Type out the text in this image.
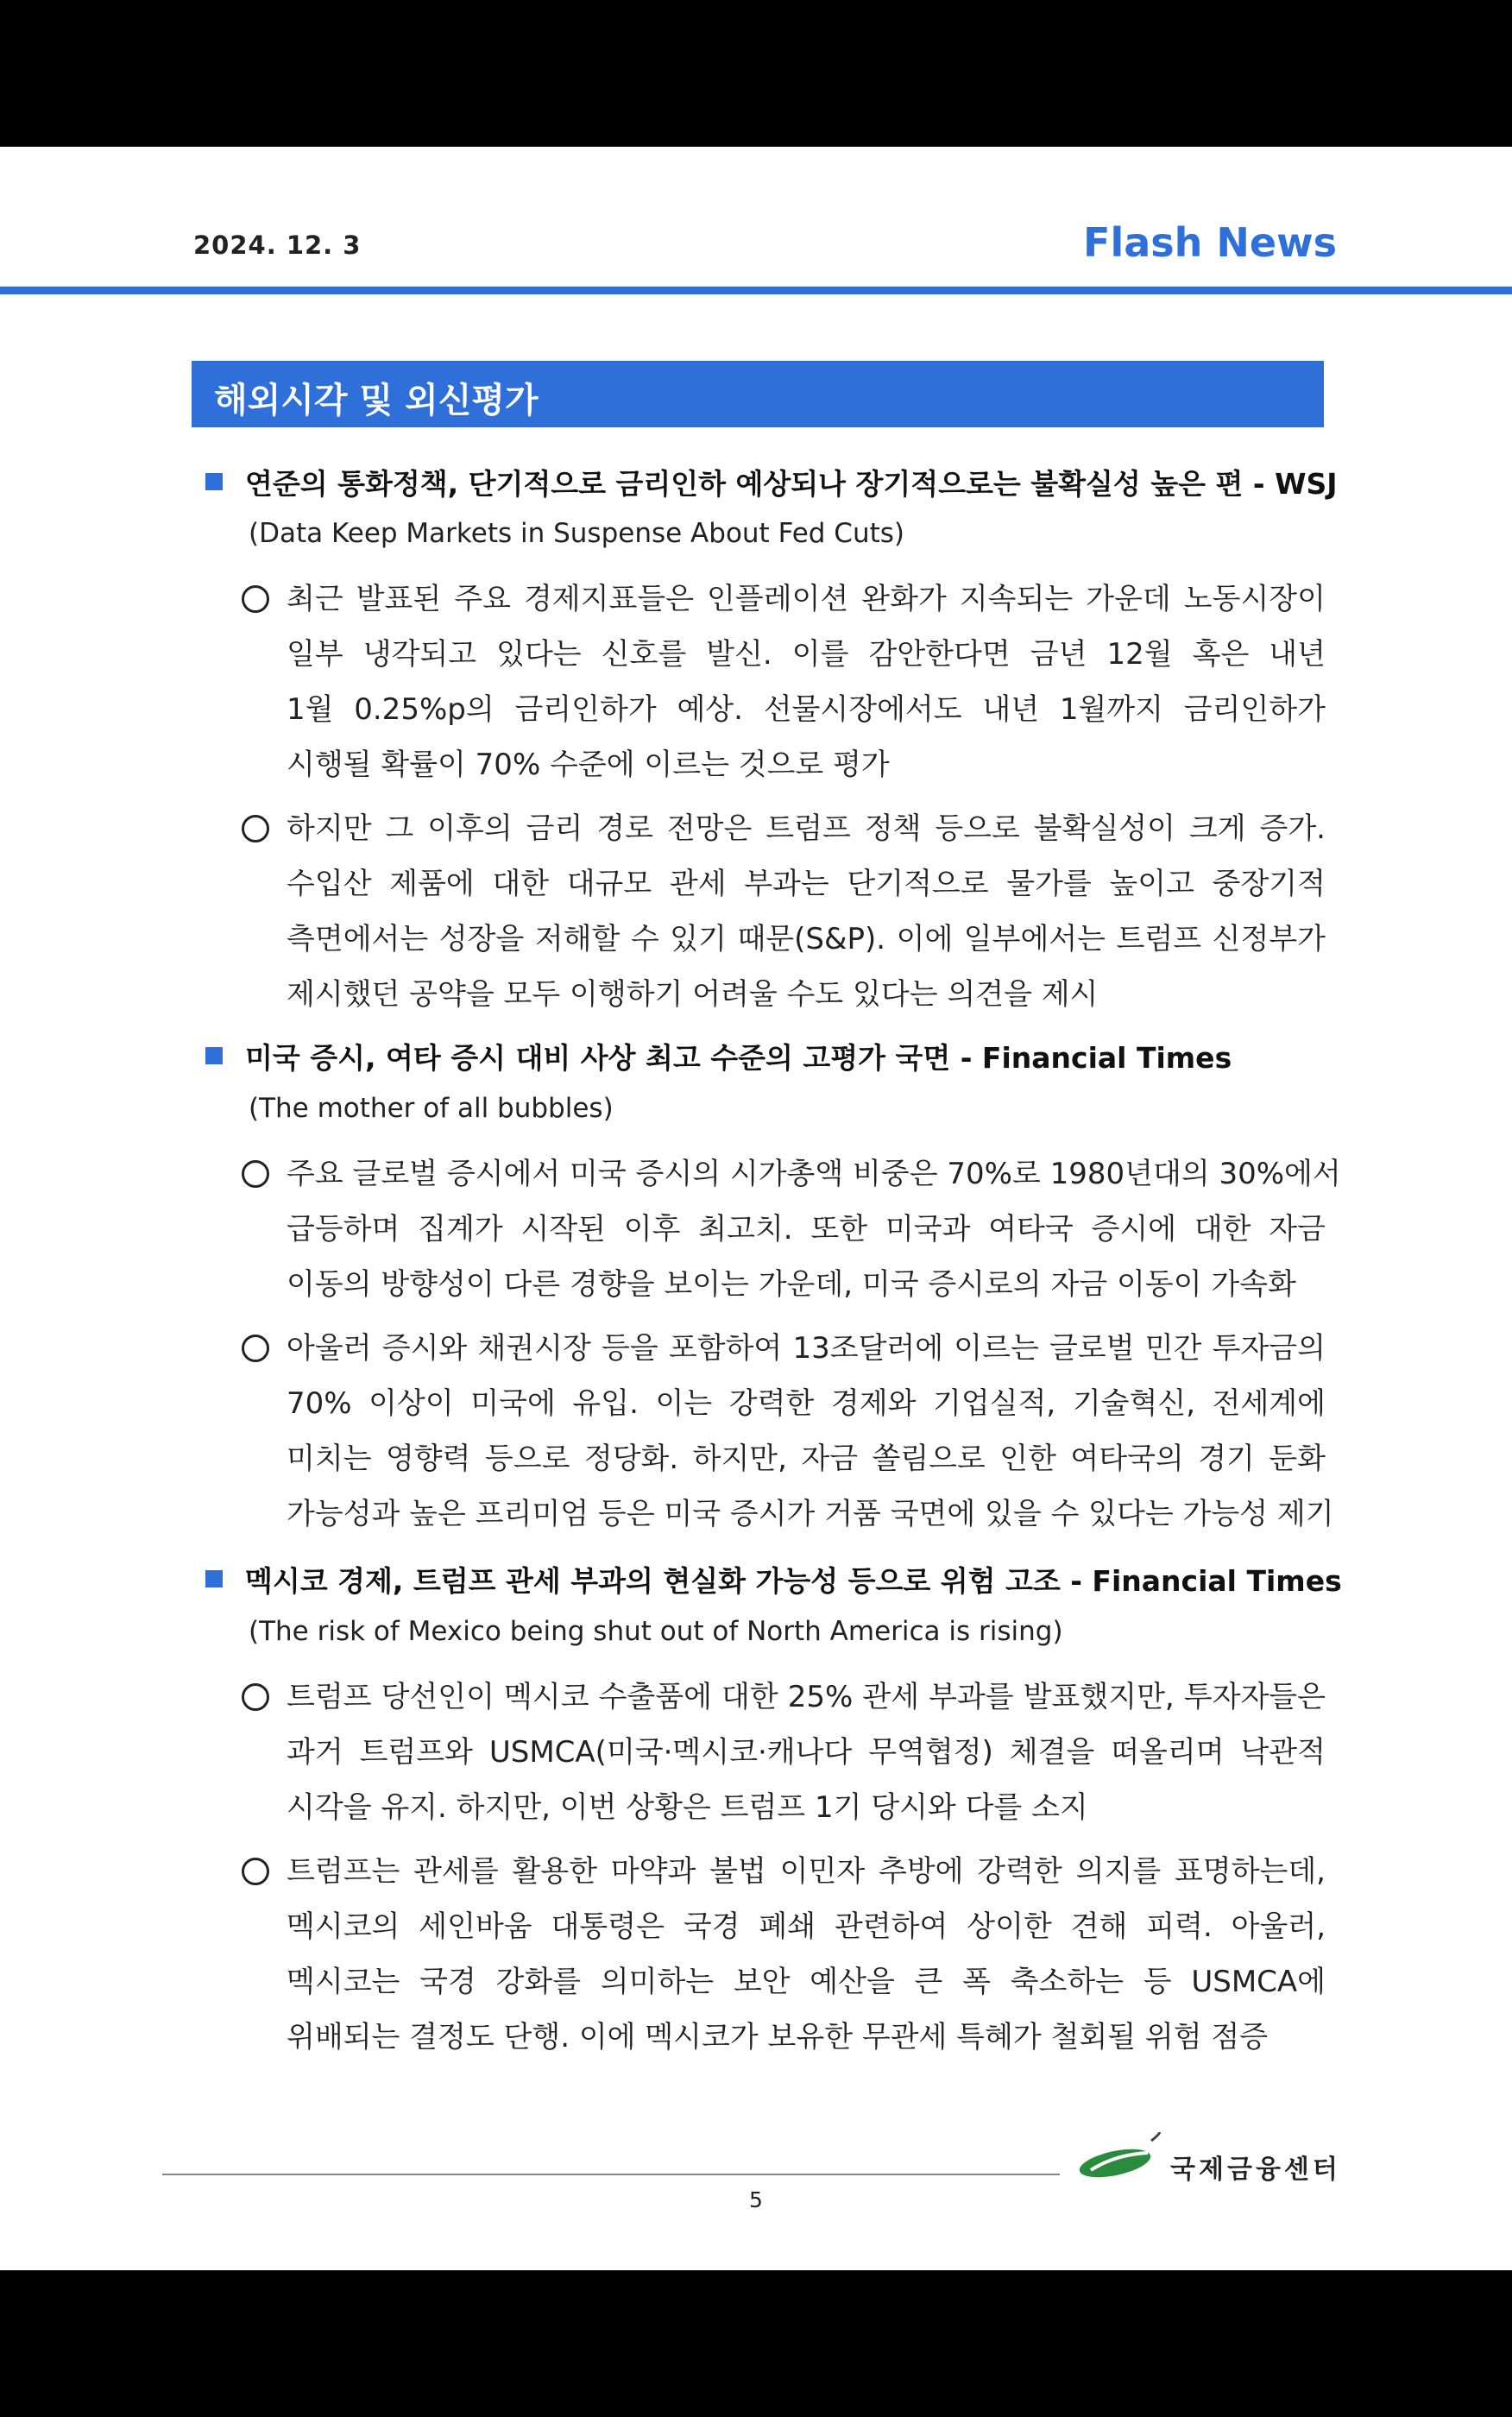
2024. 12. 3	Flash News

해외시각 및 외신평가
연준의 통화정책, 단기적으로 금리인하 예상되나 장기적으로는 불확실성 높은 편 - WSJ
(Data Keep Markets in Suspense About Fed Cuts)
최근 발표된 주요 경제지표들은 인플레이션 완화가 지속되는 가운데 노동시장이
일부 냉각되고 있다는 신호를 발신. 이를 감안한다면 금년 12월 혹은 내년
1월 0.25%p의 금리인하가 예상. 선물시장에서도 내년 1월까지 금리인하가
시행될 확률이 70% 수준에 이르는 것으로 평가
하지만 그 이후의 금리 경로 전망은 트럼프 정책 등으로 불확실성이 크게 증가.
수입산 제품에 대한 대규모 관세 부과는 단기적으로 물가를 높이고 중장기적
측면에서는 성장을 저해할 수 있기 때문(S&P). 이에 일부에서는 트럼프 신정부가
제시했던 공약을 모두 이행하기 어려울 수도 있다는 의견을 제시
미국 증시, 여타 증시 대비 사상 최고 수준의 고평가 국면 - Financial Times
(The mother of all bubbles)
주요 글로벌 증시에서 미국 증시의 시가총액 비중은 70%로 1980년대의 30%에서
급등하며 집계가 시작된 이후 최고치. 또한 미국과 여타국 증시에 대한 자금
이동의 방향성이 다른 경향을 보이는 가운데, 미국 증시로의 자금 이동이 가속화
아울러 증시와 채권시장 등을 포함하여 13조달러에 이르는 글로벌 민간 투자금의
70% 이상이 미국에 유입. 이는 강력한 경제와 기업실적, 기술혁신, 전세계에
미치는 영향력 등으로 정당화. 하지만, 자금 쏠림으로 인한 여타국의 경기 둔화
가능성과 높은 프리미엄 등은 미국 증시가 거품 국면에 있을 수 있다는 가능성 제기
멕시코 경제, 트럼프 관세 부과의 현실화 가능성 등으로 위험 고조 - Financial Times
(The risk of Mexico being shut out of North America is rising)
트럼프 당선인이 멕시코 수출품에 대한 25% 관세 부과를 발표했지만, 투자자들은
과거 트럼프와 USMCA(미국·멕시코·캐나다 무역협정) 체결을 떠올리며 낙관적
시각을 유지. 하지만, 이번 상황은 트럼프 1기 당시와 다를 소지
트럼프는 관세를 활용한 마약과 불법 이민자 추방에 강력한 의지를 표명하는데,
멕시코의 세인바움 대통령은 국경 폐쇄 관련하여 상이한 견해 피력. 아울러,
멕시코는 국경 강화를 의미하는 보안 예산을 큰 폭 축소하는 등 USMCA에
위배되는 결정도 단행. 이에 멕시코가 보유한 무관세 특혜가 철회될 위험 점증
국제금융센터
5
